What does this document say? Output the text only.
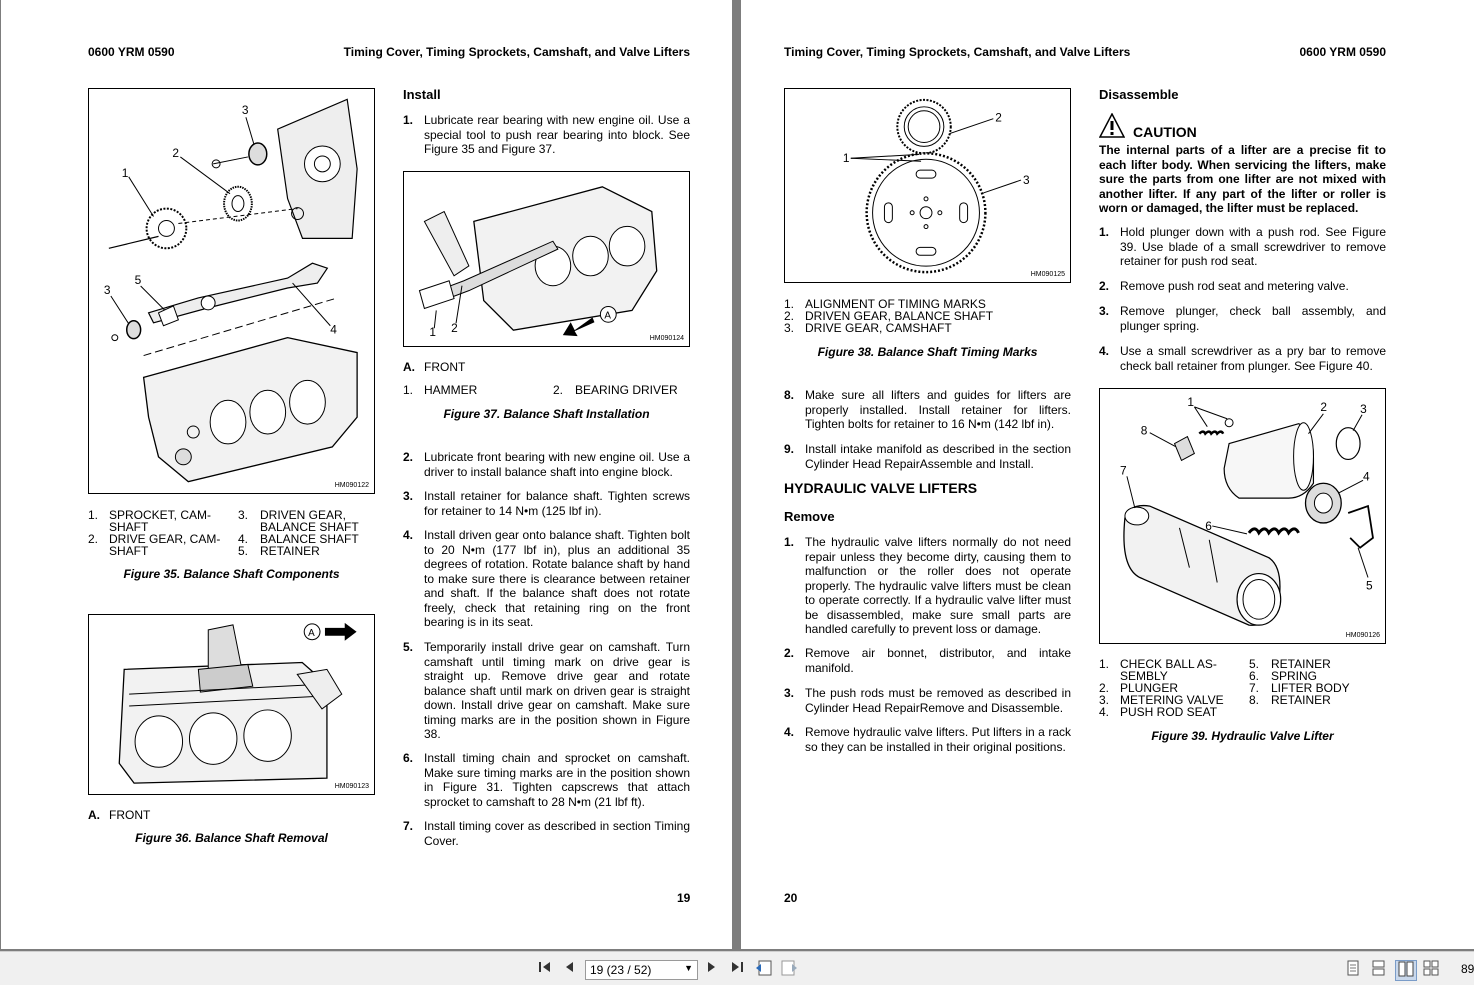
0600 YRM 0590	Timing Cover, Timing Sprockets, Camshaft, and Valve Lifters
1
2
3
3
4
5
HM090122
1. SPROCKET, CAM- 3. DRIVEN GEAR,
SHAFT	BALANCE SHAFT
2. DRIVE GEAR, CAM- 4. BALANCE SHAFT
SHAFT	5. RETAINER
Figure 35. Balance Shaft Components
A
HM090123
A. FRONT
Figure 36. Balance Shaft Removal
Install
1. Lubricate rear bearing with new engine oil. Use a special tool to push rear bearing into block. See Figure 35 and Figure 37.
1 2
A
HM090124
A. FRONT
1. HAMMER	2. BEARING DRIVER
Figure 37. Balance Shaft Installation
2. Lubricate front bearing with new engine oil. Use a driver to install balance shaft into engine block.
3. Install retainer for balance shaft. Tighten screws for retainer to 14 N•m (125 lbf in).
4. Install driven gear onto balance shaft. Tighten bolt to 20 N•m (177 lbf in), plus an additional 35 degrees of rotation. Rotate balance shaft by hand to make sure there is clearance between retainer and shaft. If the balance shaft does not rotate freely, check that retaining ring on the front bearing is in its seat.
5. Temporarily install drive gear on camshaft. Turn camshaft until timing mark on drive gear is straight up. Remove drive gear and rotate balance shaft until mark on driven gear is straight down. Install drive gear on camshaft. Make sure timing marks are in the position shown in Figure 38.
6. Install timing chain and sprocket on camshaft. Make sure timing marks are in the position shown in Figure 31. Tighten capscrews that attach sprocket to camshaft to 28 N•m (21 lbf ft).
7. Install timing cover as described in section Timing Cover.
19
Timing Cover, Timing Sprockets, Camshaft, and Valve Lifters	0600 YRM 0590
1
2
3
HM090125
1. ALIGNMENT OF TIMING MARKS
2. DRIVEN GEAR, BALANCE SHAFT
3. DRIVE GEAR, CAMSHAFT
Figure 38. Balance Shaft Timing Marks
8. Make sure all lifters and guides for lifters are properly installed. Install retainer for lifters. Tighten bolts for retainer to 16 N•m (142 lbf in).
9. Install intake manifold as described in the section Cylinder Head RepairAssemble and Install.
HYDRAULIC VALVE LIFTERS
Remove
1. The hydraulic valve lifters normally do not need repair unless they become dirty, causing them to malfunction or the roller does not operate properly. The hydraulic valve lifters must be clean to operate correctly. If a hydraulic valve lifter must be disassembled, make sure small parts are handled carefully to prevent loss or damage.
2. Remove air bonnet, distributor, and intake manifold.
3. The push rods must be removed as described in Cylinder Head RepairRemove and Disassemble.
4. Remove hydraulic valve lifters. Put lifters in a rack so they can be installed in their original positions.
Disassemble
CAUTION
The internal parts of a lifter are a precise fit to each lifter body. When servicing the lifters, make sure the parts from one lifter are not mixed with another lifter. If any part of the lifter or roller is worn or damaged, the lifter must be replaced.
1. Hold plunger down with a push rod. See Figure 39. Use blade of a small screwdriver to remove retainer for push rod seat.
2. Remove push rod seat and metering valve.
3. Remove plunger, check ball assembly, and plunger spring.
4. Use a small screwdriver as a pry bar to remove check ball retainer from plunger. See Figure 40.
1	2	3
4
5
6
7
8
HM090126
1. CHECK BALL AS-	5. RETAINER
SEMBLY	6. SPRING
2. PLUNGER	7. LIFTER BODY
3. METERING VALVE 8. RETAINER
4. PUSH ROD SEAT
Figure 39. Hydraulic Valve Lifter
20
19 (23 / 52)	▼	89
